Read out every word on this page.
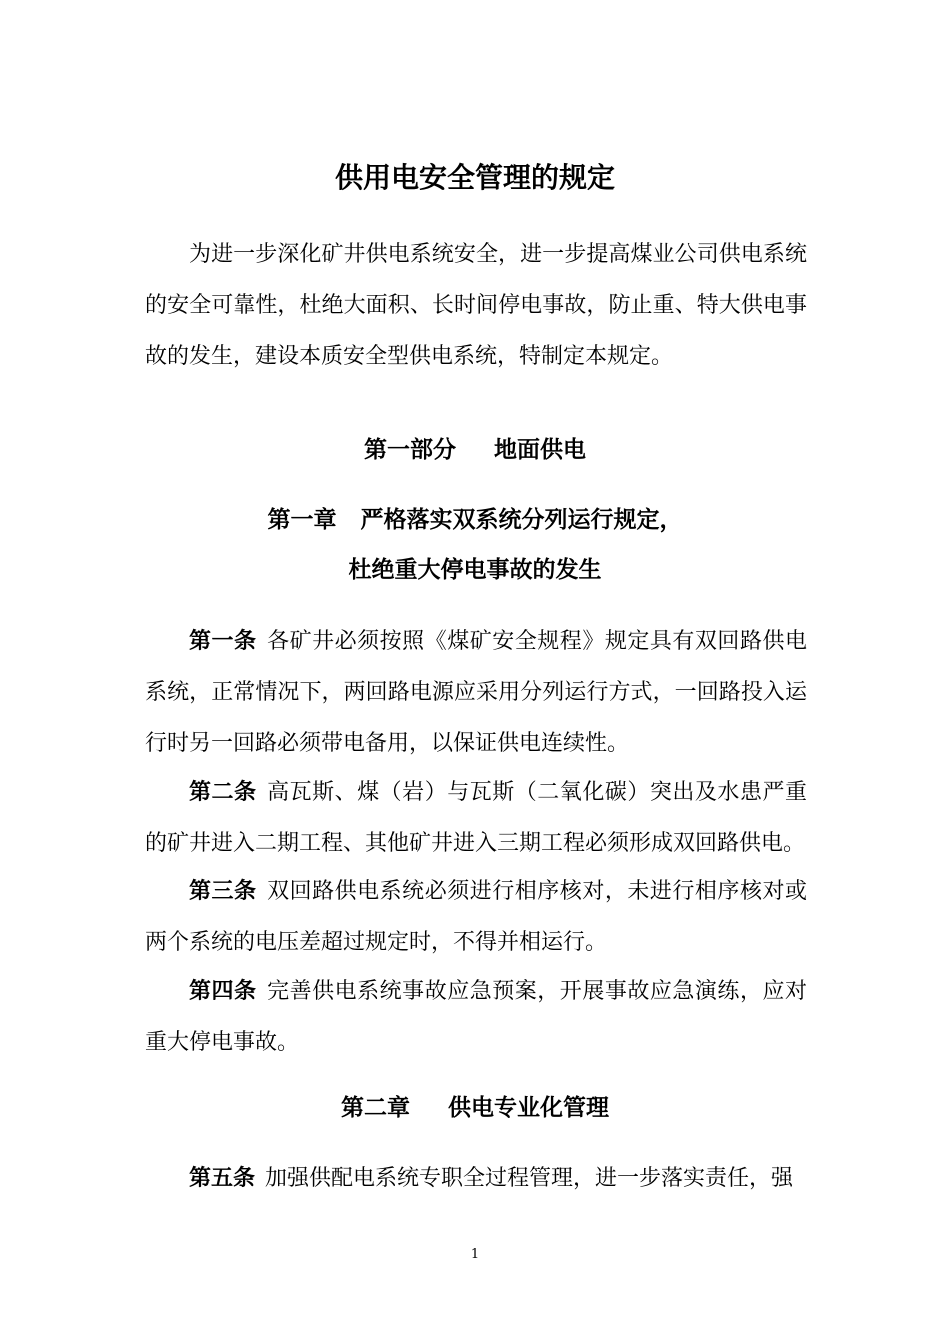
供用电安全管理的规定

为进一步深化矿井供电系统安全，进一步提高煤业公司供电系统的安全可靠性，杜绝大面积、长时间停电事故，防止重、特大供电事故的发生，建设本质安全型供电系统，特制定本规定。

第一部分 地面供电
第一章 严格落实双系统分列运行规定，
杜绝重大停电事故的发生

第一条 各矿井必须按照《煤矿安全规程》规定具有双回路供电系统，正常情况下，两回路电源应采用分列运行方式，一回路投入运行时另一回路必须带电备用，以保证供电连续性。

第二条 高瓦斯、煤（岩）与瓦斯（二氧化碳）突出及水患严重的矿井进入二期工程、其他矿井进入三期工程必须形成双回路供电。

第三条 双回路供电系统必须进行相序核对，未进行相序核对或两个系统的电压差超过规定时，不得并相运行。

第四条 完善供电系统事故应急预案，开展事故应急演练，应对重大停电事故。

第二章 供电专业化管理

第五条 加强供配电系统专职全过程管理，进一步落实责任，强

1
